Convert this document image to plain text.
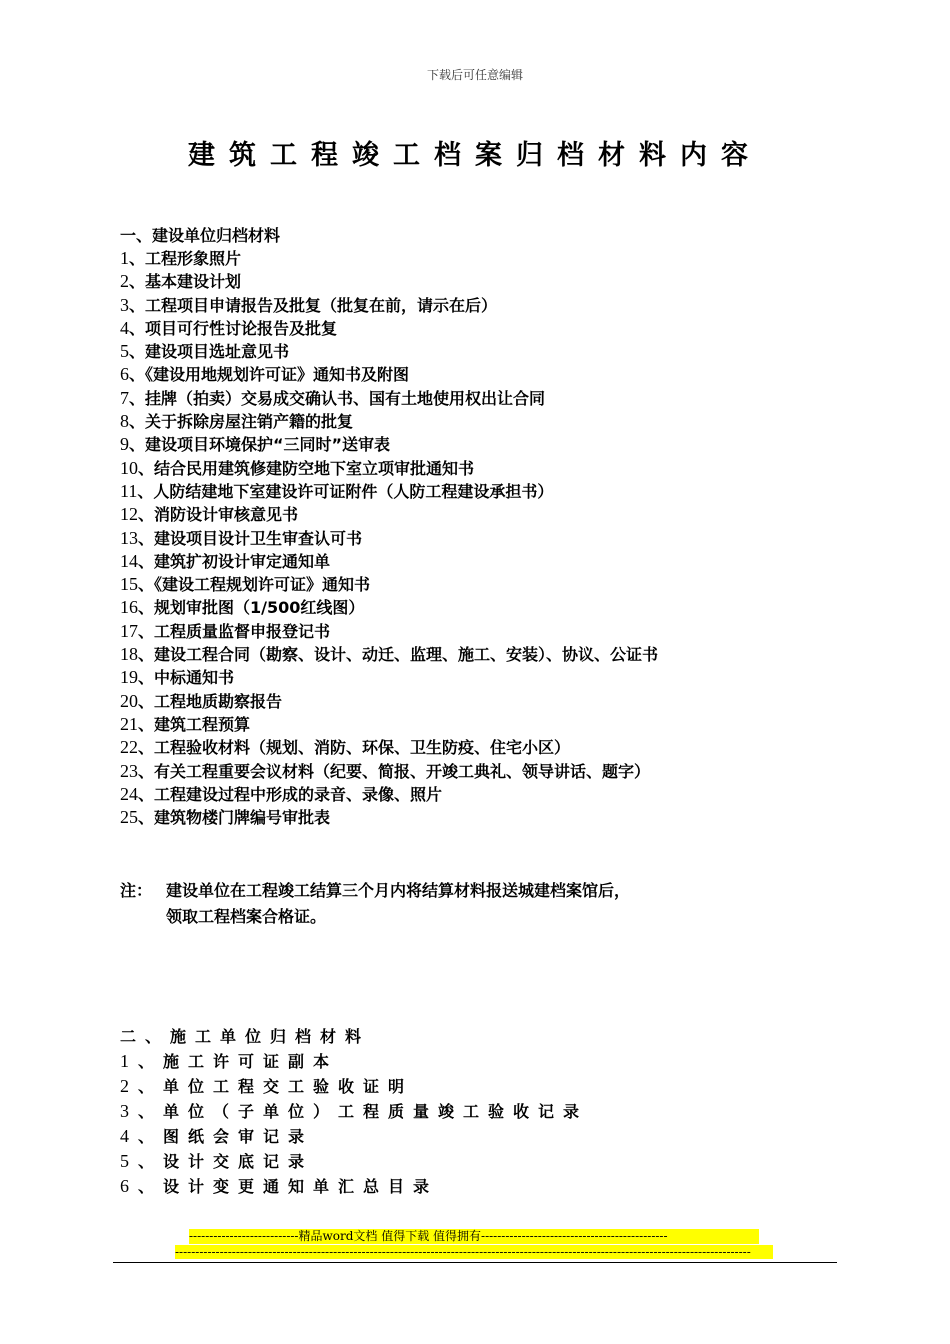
下载后可任意编辑
建筑工程竣工档案归档材料内容
一、建设单位归档材料
1、工程形象照片
2、基本建设计划
3、工程项目申请报告及批复（批复在前，请示在后）
4、项目可行性讨论报告及批复
5、建设项目选址意见书
6、《建设用地规划许可证》通知书及附图
7、挂牌（拍卖）交易成交确认书、国有土地使用权出让合同
8、关于拆除房屋注销产籍的批复
9、建设项目环境保护“三同时”送审表
10、结合民用建筑修建防空地下室立项审批通知书
11、人防结建地下室建设许可证附件（人防工程建设承担书）
12、消防设计审核意见书
13、建设项目设计卫生审查认可书
14、建筑扩初设计审定通知单
15、《建设工程规划许可证》通知书
16、规划审批图（1/500红线图）
17、工程质量监督申报登记书
18、建设工程合同（勘察、设计、动迁、监理、施工、安装）、协议、公证书
19、中标通知书
20、工程地质勘察报告
21、建筑工程预算
22、工程验收材料（规划、消防、环保、卫生防疫、住宅小区）
23、有关工程重要会议材料（纪要、简报、开竣工典礼、领导讲话、题字）
24、工程建设过程中形成的录音、录像、照片
25、建筑物楼门牌编号审批表
注： 建设单位在工程竣工结算三个月内将结算材料报送城建档案馆后，
领取工程档案合格证。
二、施工单位归档材料
1、施工许可证副本
2、单位工程交工验收证明
3、单位（子单位）工程质量竣工验收记录
4、图纸会审记录
5、设计交底记录
6、设计变更通知单汇总目录
---------------------------精品word文档 值得下载 值得拥有----------------------------------------------
----------------------------------------------------------------------------------------------------------------------------------------------
